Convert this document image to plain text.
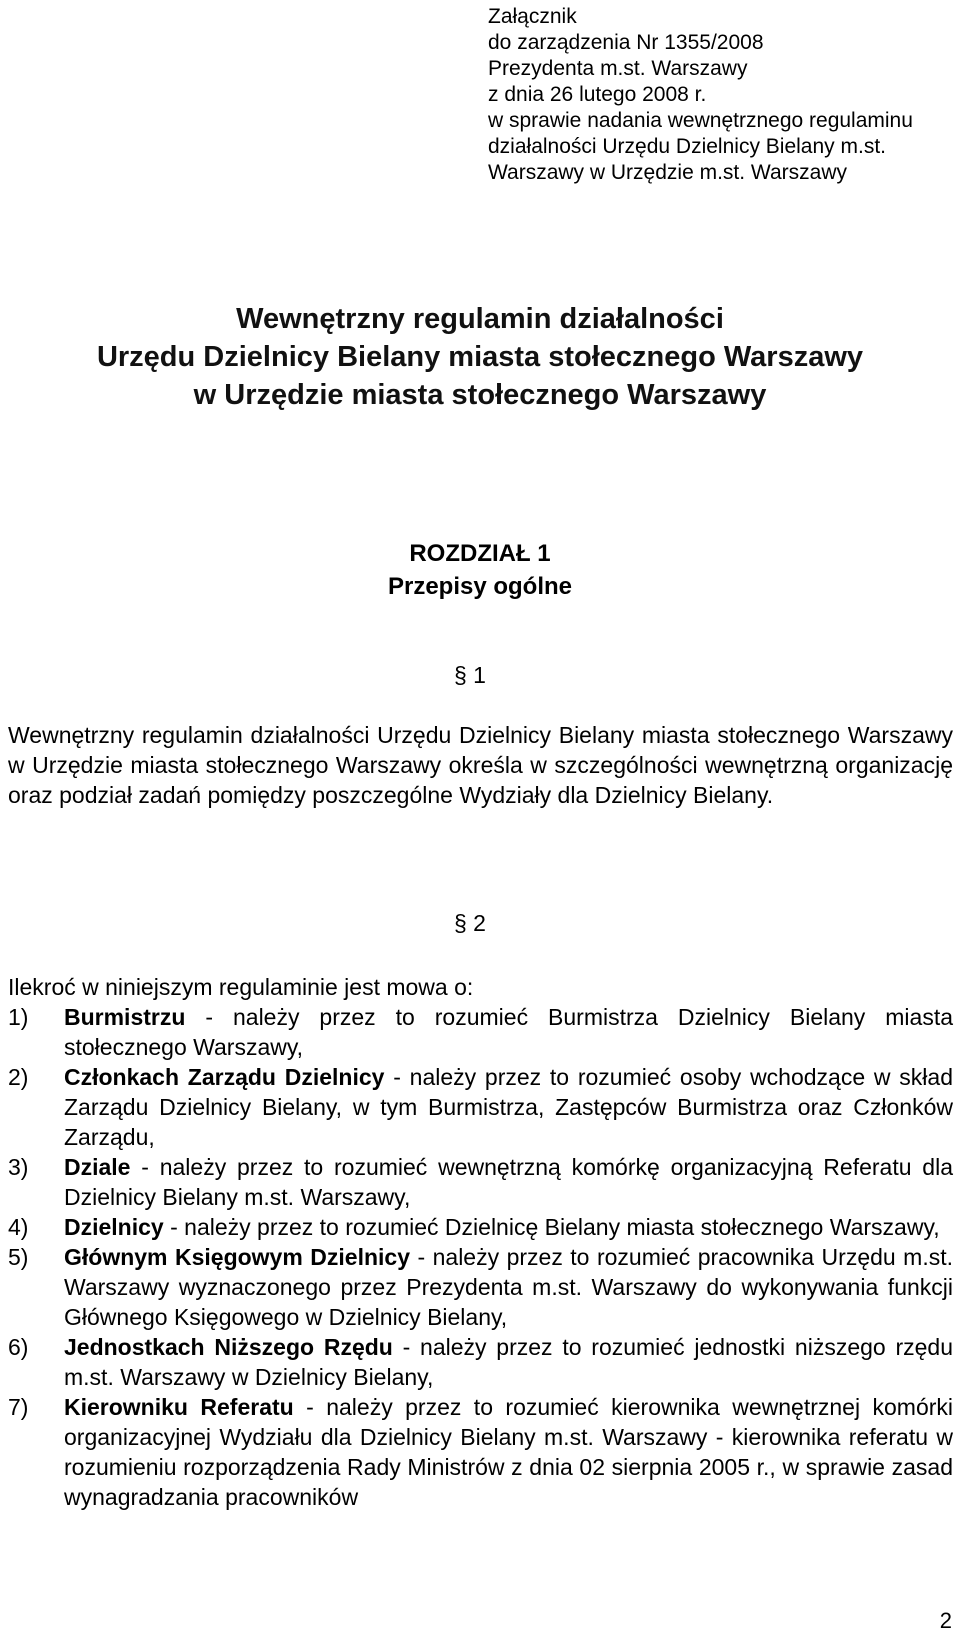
Załącznik
do zarządzenia Nr 1355/2008
Prezydenta m.st. Warszawy
z dnia 26 lutego 2008 r.
w sprawie nadania wewnętrznego regulaminu
działalności Urzędu Dzielnicy Bielany m.st.
Warszawy w Urzędzie m.st. Warszawy
Wewnętrzny regulamin działalności
Urzędu Dzielnicy Bielany miasta stołecznego Warszawy
w Urzędzie miasta stołecznego Warszawy
ROZDZIAŁ 1
Przepisy ogólne
§ 1
Wewnętrzny regulamin działalności Urzędu Dzielnicy Bielany miasta stołecznego Warszawy w Urzędzie miasta stołecznego Warszawy określa w szczególności wewnętrzną organizację oraz podział zadań pomiędzy poszczególne Wydziały dla Dzielnicy Bielany.
§ 2
Ilekroć w niniejszym regulaminie jest mowa o:
1) Burmistrzu - należy przez to rozumieć Burmistrza Dzielnicy Bielany miasta stołecznego Warszawy,
2) Członkach Zarządu Dzielnicy - należy przez to rozumieć osoby wchodzące w skład Zarządu Dzielnicy Bielany, w tym Burmistrza, Zastępców Burmistrza oraz Członków Zarządu,
3) Dziale - należy przez to rozumieć wewnętrzną komórkę organizacyjną Referatu dla Dzielnicy Bielany m.st. Warszawy,
4) Dzielnicy - należy przez to rozumieć Dzielnicę Bielany miasta stołecznego Warszawy,
5) Głównym Księgowym Dzielnicy - należy przez to rozumieć pracownika Urzędu m.st. Warszawy wyznaczonego przez Prezydenta m.st. Warszawy do wykonywania funkcji Głównego Księgowego w Dzielnicy Bielany,
6) Jednostkach Niższego Rzędu - należy przez to rozumieć jednostki niższego rzędu m.st. Warszawy w Dzielnicy Bielany,
7) Kierowniku Referatu - należy przez to rozumieć kierownika wewnętrznej komórki organizacyjnej Wydziału dla Dzielnicy Bielany m.st. Warszawy - kierownika referatu w rozumieniu rozporządzenia Rady Ministrów z dnia 02 sierpnia 2005 r., w sprawie zasad wynagradzania pracowników
2
